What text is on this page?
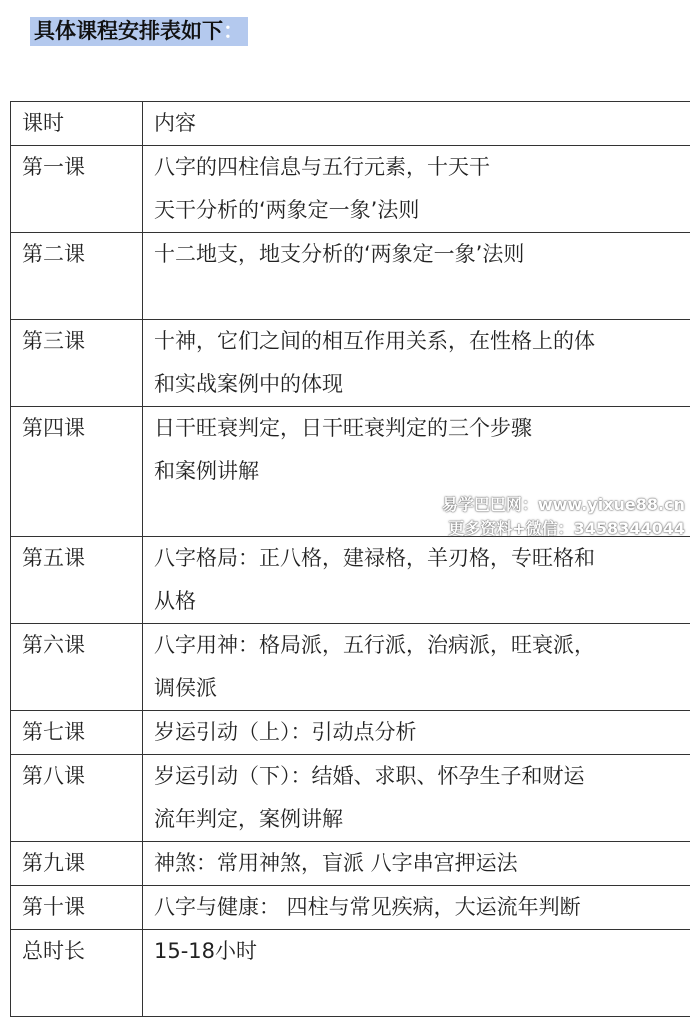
具体课程安排表如下：
课时	内容

第一课	八字的四柱信息与五行元素，十天干
天干分析的‘两象定一象’法则

第二课	十二地支，地支分析的‘两象定一象’法则

第三课	十神，它们之间的相互作用关系，在性格上的体
和实战案例中的体现

第四课	日干旺衰判定，日干旺衰判定的三个步骤
和案例讲解

第五课	八字格局：正八格，建禄格，羊刃格，专旺格和
从格

第六课	八字用神：格局派，五行派，治病派，旺衰派，
调侯派

第七课	岁运引动（上）：引动点分析

第八课	岁运引动（下）：结婚、求职、怀孕生子和财运
流年判定，案例讲解

第九课	神煞：常用神煞，盲派 八字串宫押运法

第十课	八字与健康： 四柱与常见疾病，大运流年判断

总时长	15-18小时
易学巴巴网：www.yixue88.cn
更多资料+微信：3458344044
